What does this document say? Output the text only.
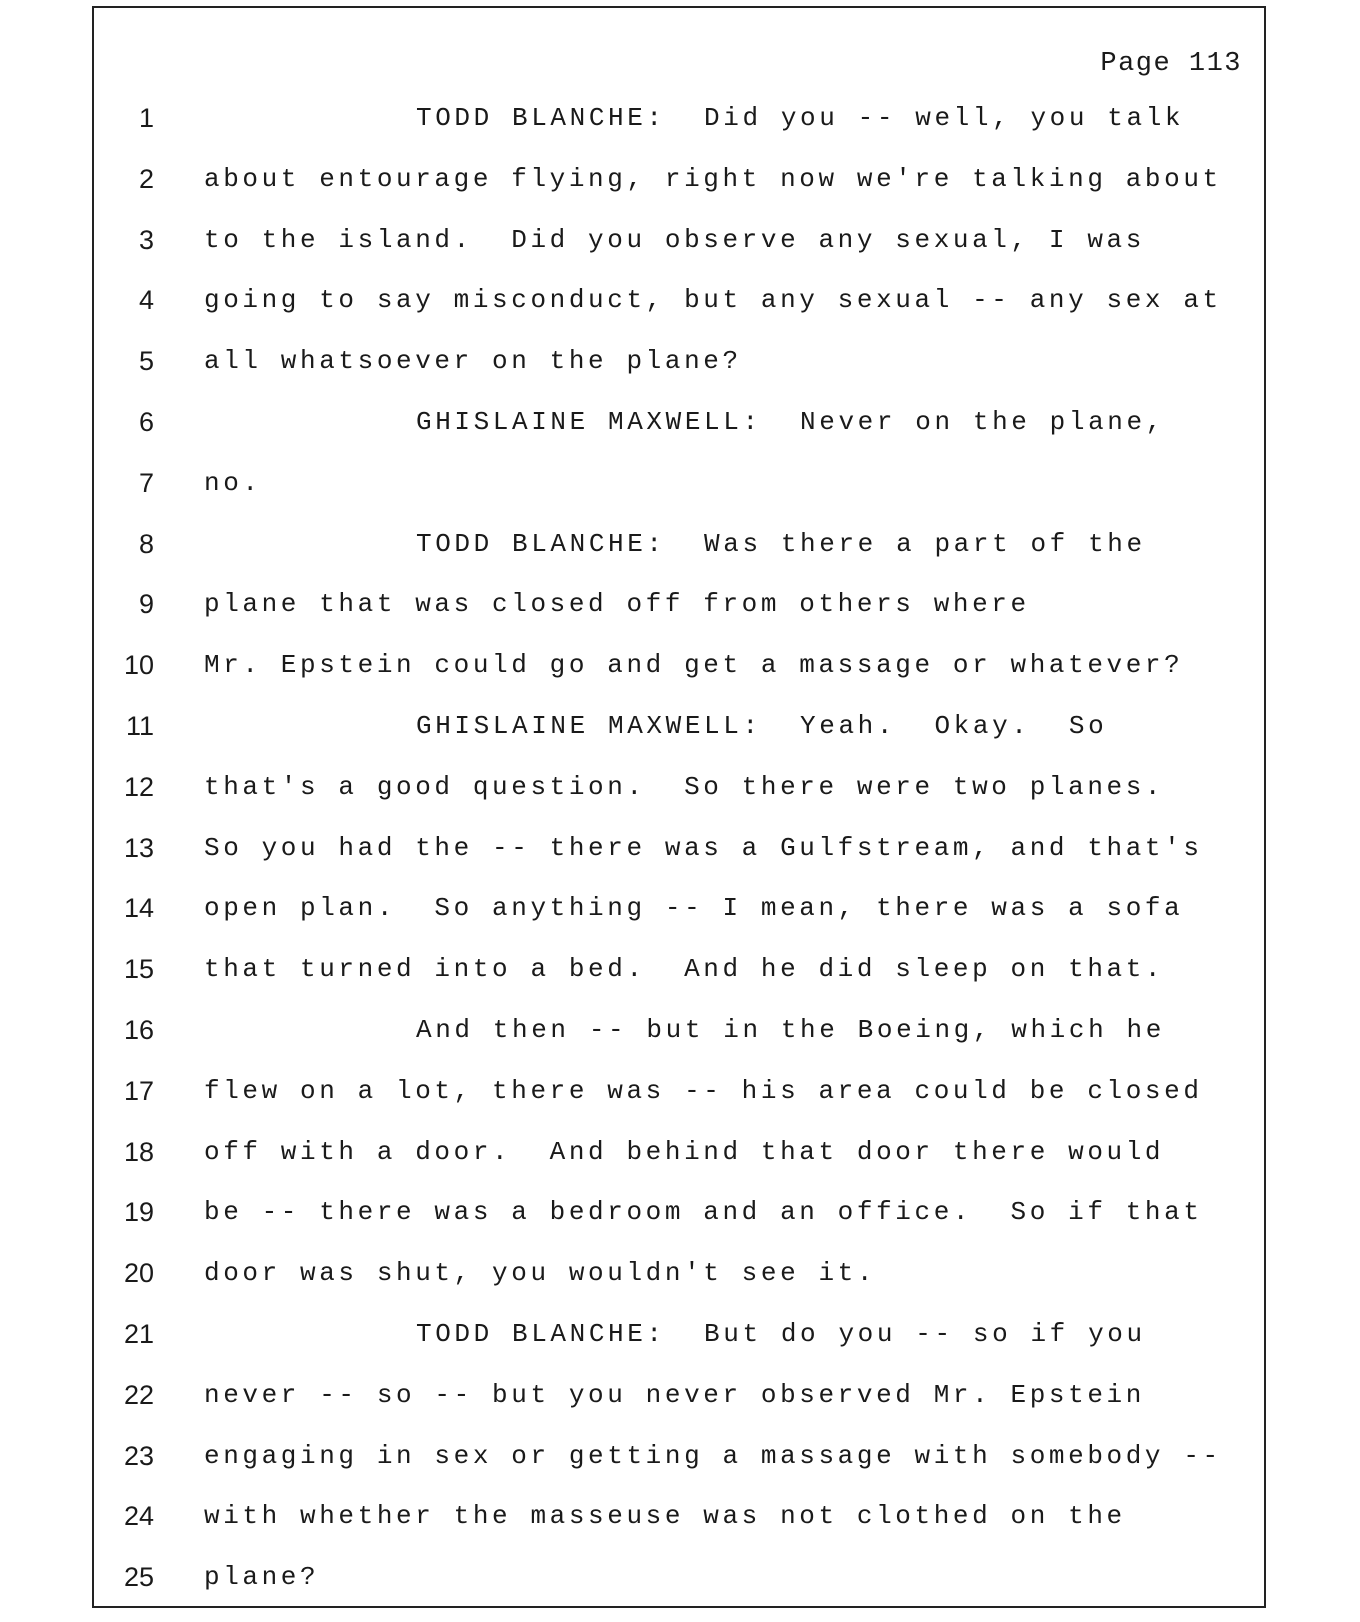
Page 113
1	TODD BLANCHE:  Did you -- well, you talk
2 about entourage flying, right now we're talking about
3 to the island.  Did you observe any sexual, I was
4 going to say misconduct, but any sexual -- any sex at
5 all whatsoever on the plane?
6	GHISLAINE MAXWELL:  Never on the plane,
7 no.
8	TODD BLANCHE:  Was there a part of the
9 plane that was closed off from others where
10 Mr. Epstein could go and get a massage or whatever?
11	GHISLAINE MAXWELL:  Yeah.  Okay.  So
12 that's a good question.  So there were two planes.
13 So you had the -- there was a Gulfstream, and that's
14 open plan.  So anything -- I mean, there was a sofa
15 that turned into a bed.  And he did sleep on that.
16	And then -- but in the Boeing, which he
17 flew on a lot, there was -- his area could be closed
18 off with a door.  And behind that door there would
19 be -- there was a bedroom and an office.  So if that
20 door was shut, you wouldn't see it.
21	TODD BLANCHE:  But do you -- so if you
22 never -- so -- but you never observed Mr. Epstein
23 engaging in sex or getting a massage with somebody --
24 with whether the masseuse was not clothed on the
25 plane?
